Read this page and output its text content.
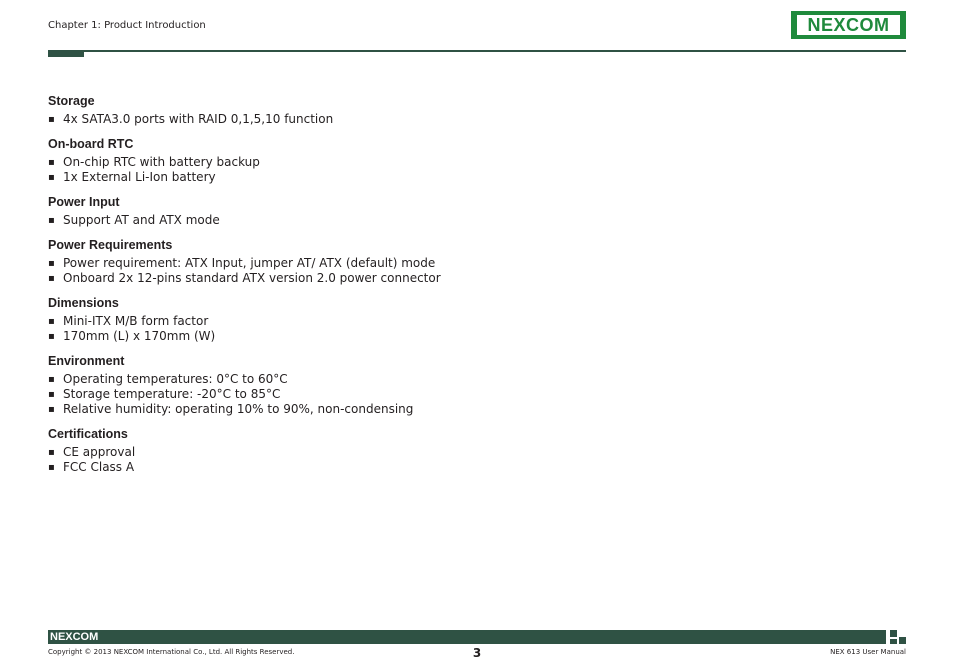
Chapter 1: Product Introduction	NEXCOM
Storage
▪ 4x SATA3.0 ports with RAID 0,1,5,10 function
On-board RTC
▪ On-chip RTC with battery backup
▪ 1x External Li-Ion battery
Power Input
▪ Support AT and ATX mode
Power Requirements
▪ Power requirement: ATX Input, jumper AT/ ATX (default) mode
▪ Onboard 2x 12-pins standard ATX version 2.0 power connector
Dimensions
▪ Mini-ITX M/B form factor
▪ 170mm (L) x 170mm (W)
Environment
▪ Operating temperatures: 0°C to 60°C
▪ Storage temperature: -20°C to 85°C
▪ Relative humidity: operating 10% to 90%, non-condensing
Certifications
▪ CE approval
▪ FCC Class A
NEXCOM
Copyright © 2013 NEXCOM International Co., Ltd. All Rights Reserved.	3	NEX 613 User Manual
